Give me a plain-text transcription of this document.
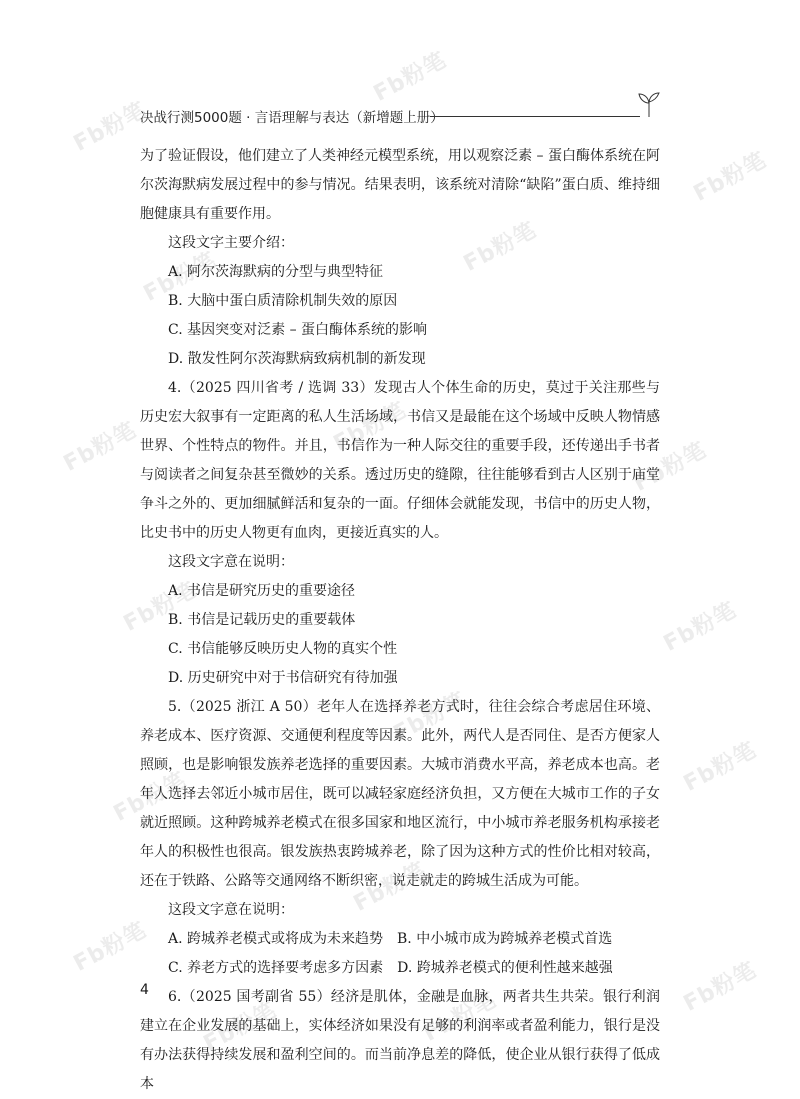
Fb粉笔
Fb粉笔
Fb粉笔
Fb粉笔
Fb粉笔
Fb粉笔	Fb粉笔
Fb粉笔
Fb粉笔	Fb粉笔
Fb粉笔
Fb粉笔
Fb粉笔
Fb粉笔
Fb粉笔
Fb粉笔	Fb粉笔
Fb粉笔
决战行测5000题 · 言语理解与表达（新增题上册）

为了验证假设，他们建立了人类神经元模型系统，用以观察泛素 – 蛋白酶体系统在阿尔茨海默病发展过程中的参与情况。结果表明，该系统对清除“缺陷”蛋白质、维持细胞健康具有重要作用。

这段文字主要介绍：

A. 阿尔茨海默病的分型与典型特征

B. 大脑中蛋白质清除机制失效的原因

C. 基因突变对泛素 – 蛋白酶体系统的影响

D. 散发性阿尔茨海默病致病机制的新发现

4.（2025 四川省考 / 选调 33）发现古人个体生命的历史，莫过于关注那些与历史宏大叙事有一定距离的私人生活场域，书信又是最能在这个场域中反映人物情感世界、个性特点的物件。并且，书信作为一种人际交往的重要手段，还传递出手书者与阅读者之间复杂甚至微妙的关系。透过历史的缝隙，往往能够看到古人区别于庙堂争斗之外的、更加细腻鲜活和复杂的一面。仔细体会就能发现，书信中的历史人物，比史书中的历史人物更有血肉，更接近真实的人。

这段文字意在说明：

A. 书信是研究历史的重要途径

B. 书信是记载历史的重要载体

C. 书信能够反映历史人物的真实个性

D. 历史研究中对于书信研究有待加强

5.（2025 浙江 A 50）老年人在选择养老方式时，往往会综合考虑居住环境、养老成本、医疗资源、交通便利程度等因素。此外，两代人是否同住、是否方便家人照顾，也是影响银发族养老选择的重要因素。大城市消费水平高，养老成本也高。老年人选择去邻近小城市居住，既可以减轻家庭经济负担，又方便在大城市工作的子女就近照顾。这种跨城养老模式在很多国家和地区流行，中小城市养老服务机构承接老年人的积极性也很高。银发族热衷跨城养老，除了因为这种方式的性价比相对较高，还在于铁路、公路等交通网络不断织密，说走就走的跨城生活成为可能。

这段文字意在说明：

A. 跨城养老模式或将成为未来趋势 B. 中小城市成为跨城养老模式首选
C. 养老方式的选择要考虑多方因素 D. 跨城养老模式的便利性越来越强

6.（2025 国考副省 55）经济是肌体，金融是血脉，两者共生共荣。银行利润建立在企业发展的基础上，实体经济如果没有足够的利润率或者盈利能力，银行是没有办法获得持续发展和盈利空间的。而当前净息差的降低，使企业从银行获得了低成本

4
